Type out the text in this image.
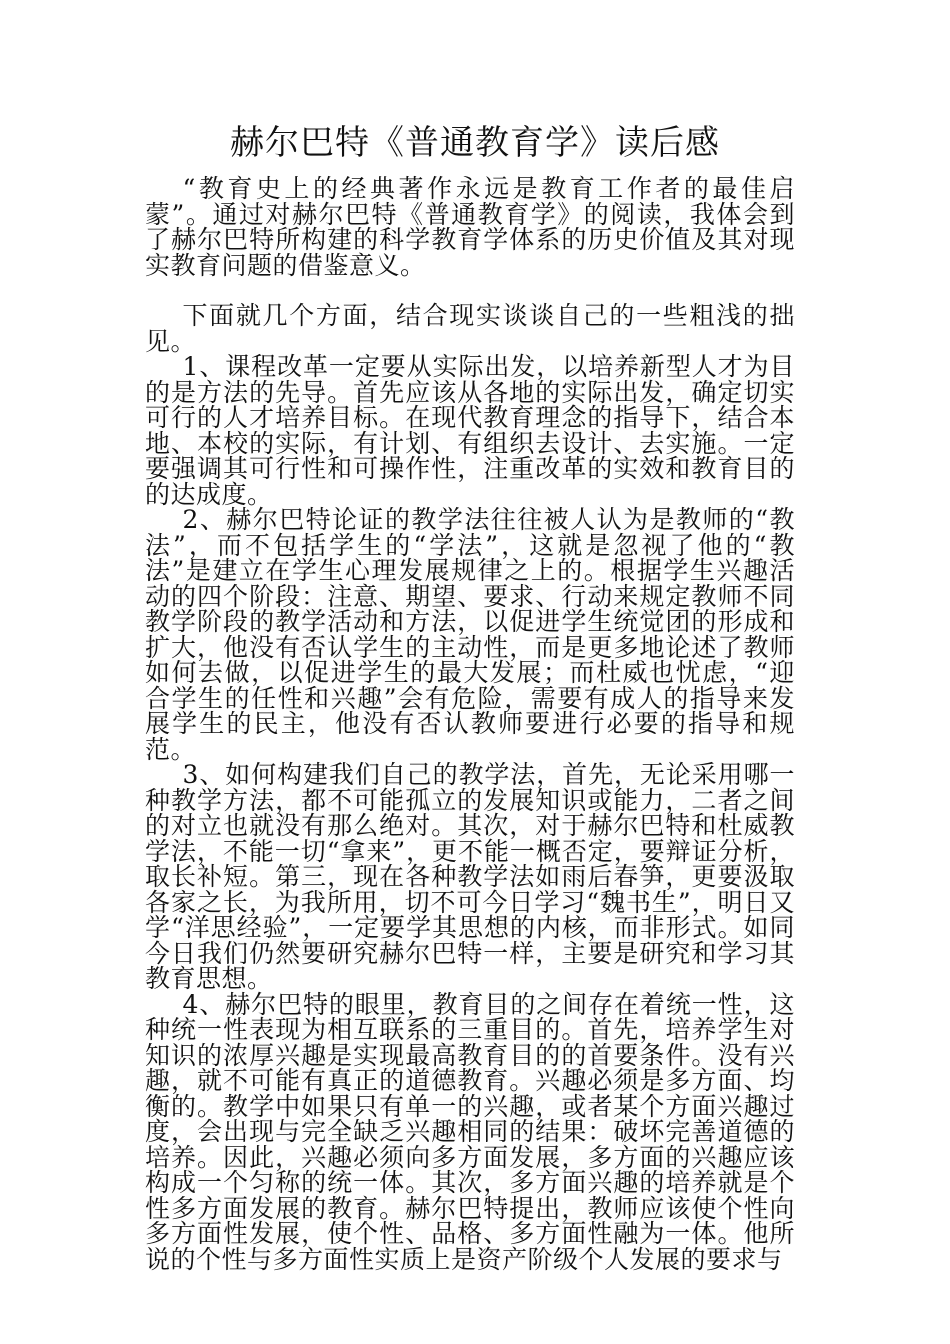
赫尔巴特《普通教育学》读后感

“教育史上的经典著作永远是教育工作者的最佳启蒙”。通过对赫尔巴特《普通教育学》的阅读，我体会到了赫尔巴特所构建的科学教育学体系的历史价值及其对现实教育问题的借鉴意义。

下面就几个方面，结合现实谈谈自己的一些粗浅的拙见。

1、课程改革一定要从实际出发，以培养新型人才为目的是方法的先导。首先应该从各地的实际出发，确定切实可行的人才培养目标。在现代教育理念的指导下，结合本地、本校的实际，有计划、有组织去设计、去实施。一定要强调其可行性和可操作性，注重改革的实效和教育目的的达成度。

2、赫尔巴特论证的教学法往往被人认为是教师的“教法”，而不包括学生的“学法”，这就是忽视了他的“教法”是建立在学生心理发展规律之上的。根据学生兴趣活动的四个阶段：注意、期望、要求、行动来规定教师不同教学阶段的教学活动和方法，以促进学生统觉团的形成和扩大，他没有否认学生的主动性，而是更多地论述了教师如何去做，以促进学生的最大发展；而杜威也忧虑，“迎合学生的任性和兴趣”会有危险，需要有成人的指导来发展学生的民主，他没有否认教师要进行必要的指导和规范。

3、如何构建我们自己的教学法，首先，无论采用哪一种教学方法，都不可能孤立的发展知识或能力，二者之间的对立也就没有那么绝对。其次，对于赫尔巴特和杜威教学法，不能一切“拿来”，更不能一概否定，要辩证分析，取长补短。第三，现在各种教学法如雨后春笋，更要汲取各家之长，为我所用，切不可今日学习“魏书生”，明日又学“洋思经验”，一定要学其思想的内核，而非形式。如同今日我们仍然要研究赫尔巴特一样，主要是研究和学习其教育思想。

4、赫尔巴特的眼里，教育目的之间存在着统一性，这种统一性表现为相互联系的三重目的。首先，培养学生对知识的浓厚兴趣是实现最高教育目的的首要条件。没有兴趣，就不可能有真正的道德教育。兴趣必须是多方面、均衡的。教学中如果只有单一的兴趣，或者某个方面兴趣过度，会出现与完全缺乏兴趣相同的结果：破坏完善道德的培养。因此，兴趣必须向多方面发展，多方面的兴趣应该构成一个匀称的统一体。其次，多方面兴趣的培养就是个性多方面发展的教育。赫尔巴特提出，教师应该使个性向多方面性发展，使个性、品格、多方面性融为一体。他所说的个性与多方面性实质上是资产阶级个人发展的要求与
